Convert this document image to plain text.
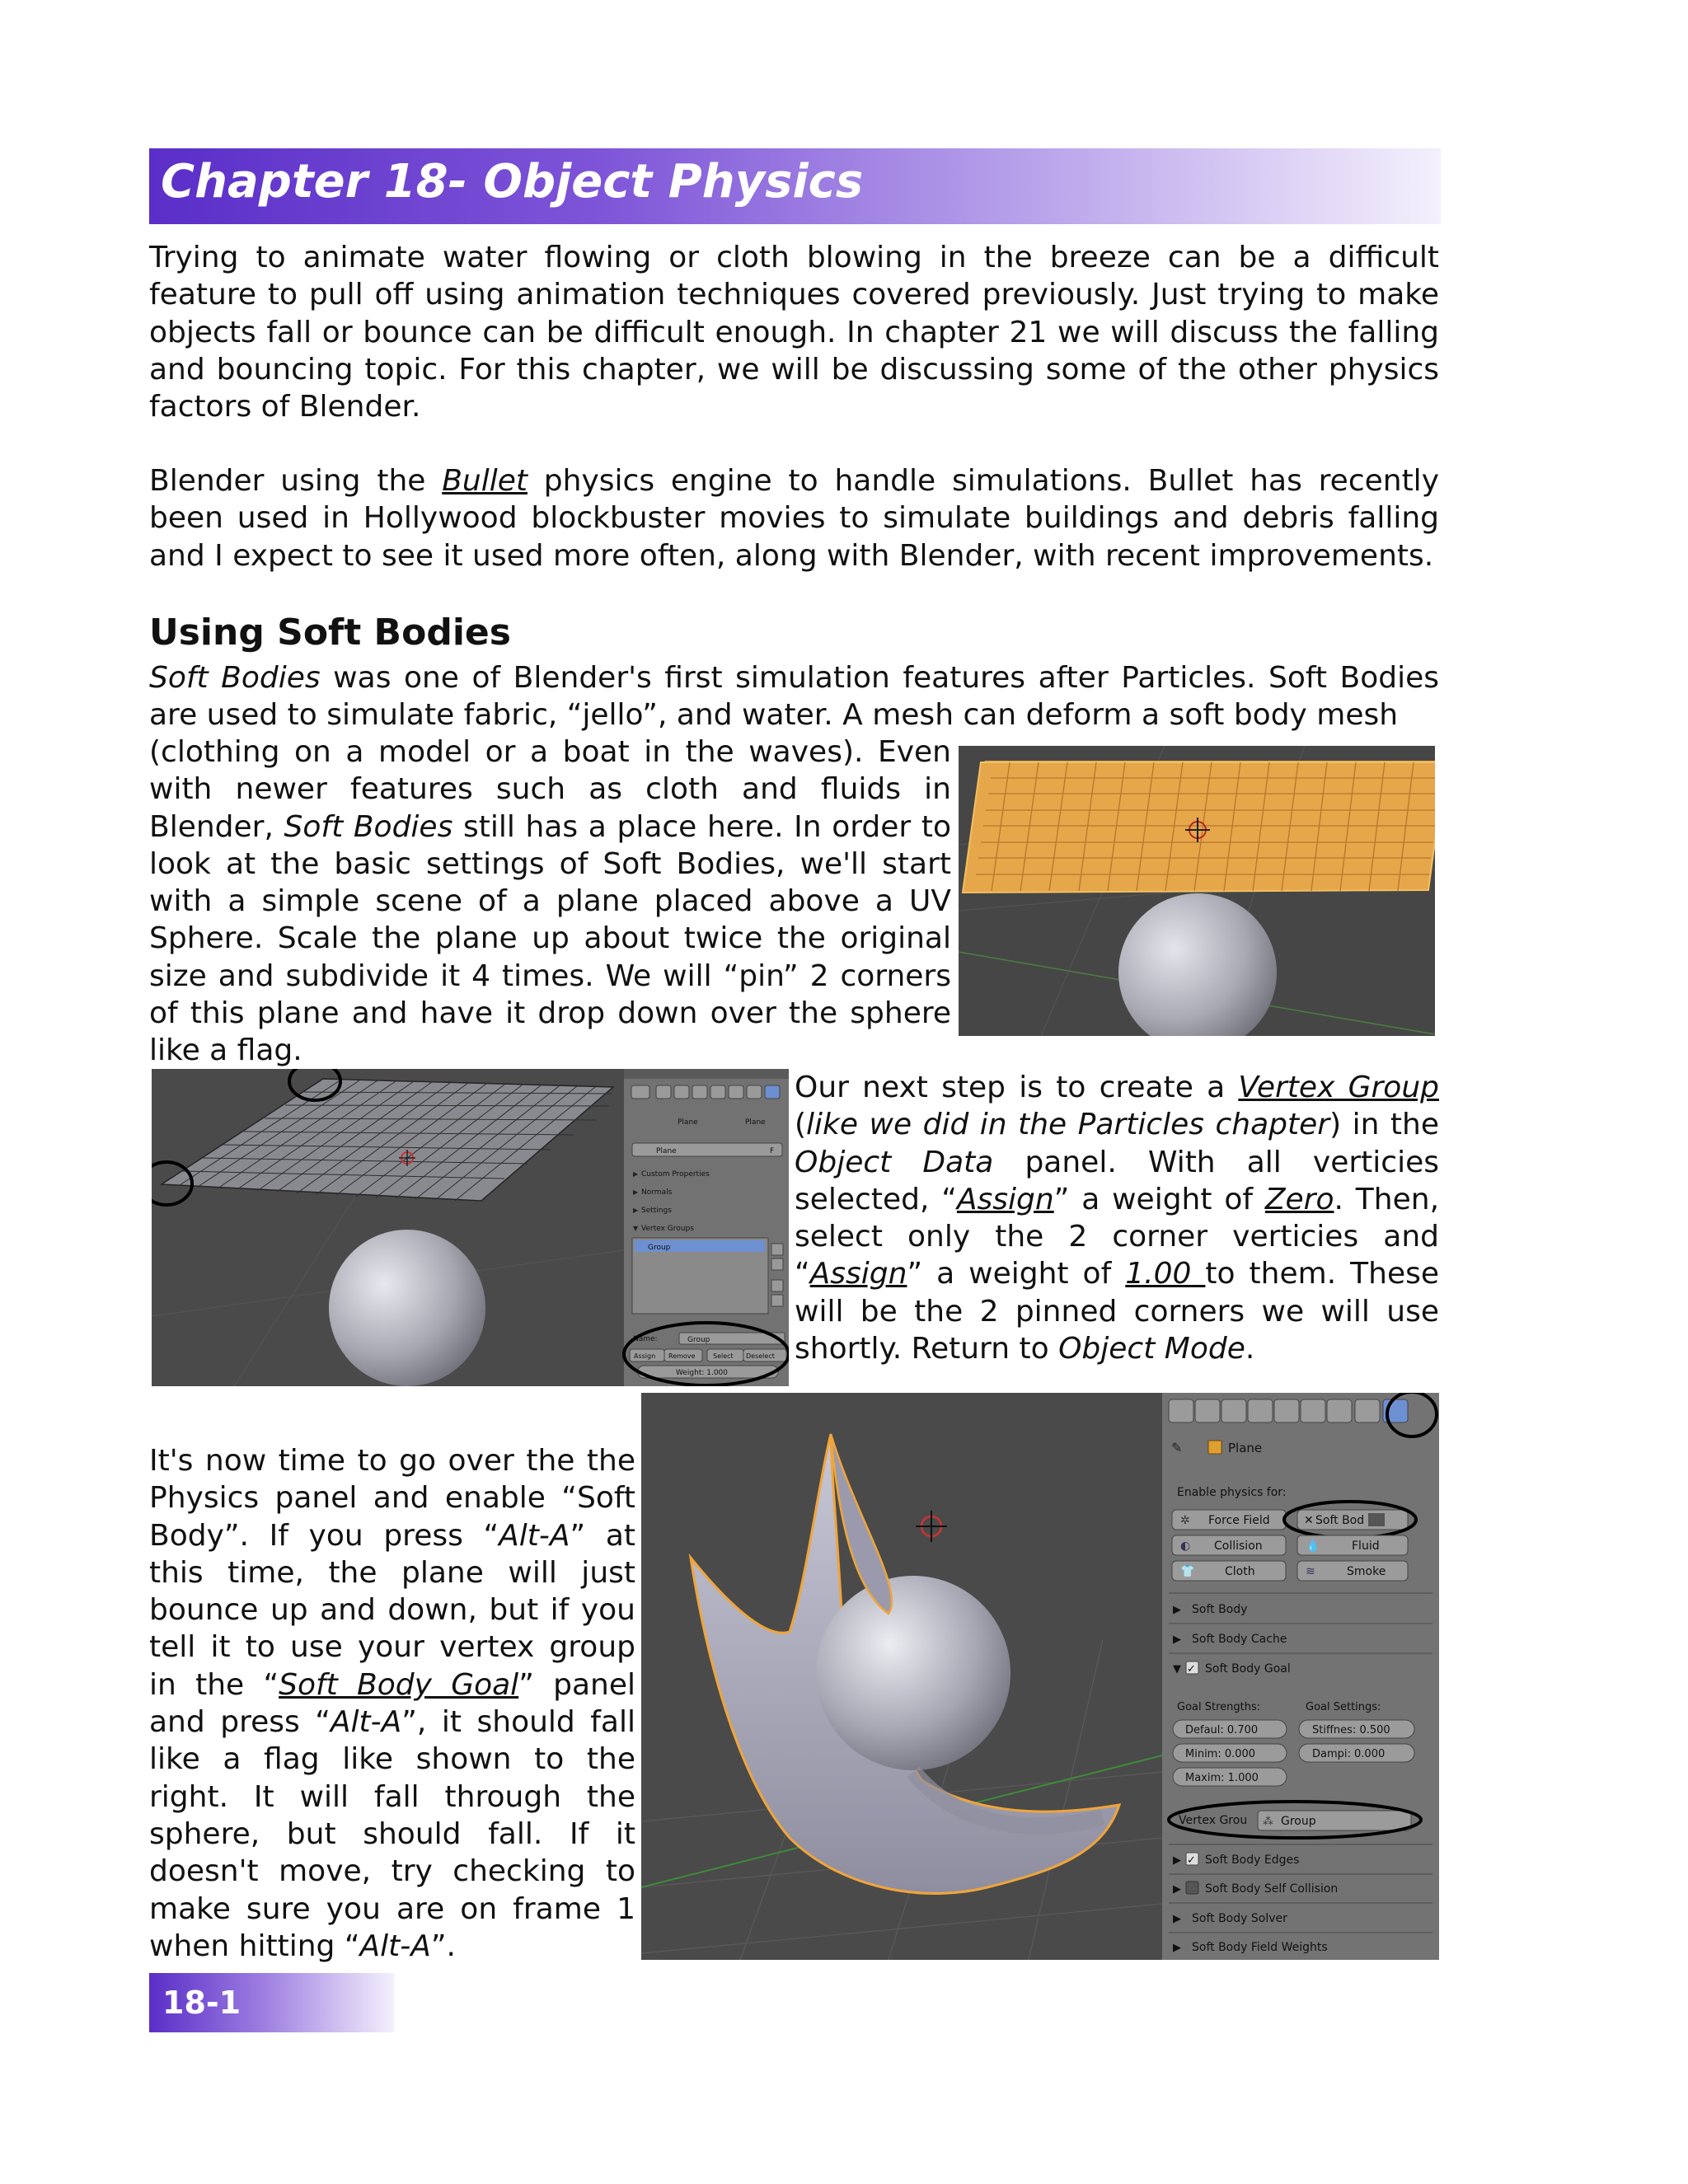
Chapter 18- Object Physics

Trying to animate water flowing or cloth blowing in the breeze can be a difficult feature to pull off using animation techniques covered previously. Just trying to make objects fall or bounce can be difficult enough. In chapter 21 we will discuss the falling and bouncing topic. For this chapter, we will be discussing some of the other physics factors of Blender.

Blender using the Bullet physics engine to handle simulations. Bullet has recently been used in Hollywood blockbuster movies to simulate buildings and debris falling and I expect to see it used more often, along with Blender, with recent improvements.

Using Soft Bodies

Soft Bodies was one of Blender's first simulation features after Particles. Soft Bodies are used to simulate fabric, “jello”, and water. A mesh can deform a soft body mesh

(clothing on a model or a boat in the waves). Even with newer features such as cloth and fluids in Blender, Soft Bodies still has a place here. In order to look at the basic settings of Soft Bodies, we'll start with a simple scene of a plane placed above a UV Sphere. Scale the plane up about twice the original size and subdivide it 4 times. We will “pin” 2 corners of this plane and have it drop down over the sphere like a flag.

Plane	Plane
Plane	F
Custom Properties
Normals
Settings
Vertex Groups
▶
▶
▶
▼
Group
Name:	Group
Assign Remove	Select Deselect
Weight: 1.000

Our next step is to create a Vertex Group (like we did in the Particles chapter) in the Object Data panel. With all verticies selected, “Assign” a weight of Zero. Then, select only the 2 corner verticies and “Assign” a weight of 1.00 to them. These will be the 2 pinned corners we will use shortly. Return to Object Mode.

It's now time to go over the the Physics panel and enable “Soft Body”. If you press “Alt-A” at this time, the plane will just bounce up and down, but if you tell it to use your vertex group in the “Soft Body Goal” panel and press “Alt-A”, it should fall like a flag like shown to the right. It will fall through the sphere, but should fall. If it doesn't move, try checking to make sure you are on frame 1 when hitting “Alt-A”.

✎	Plane
Enable physics for:
✲ Force Field	✕ Soft Bod
◐ Collision	💧	Fluid
👕	Cloth	≋	Smoke
▶ Soft Body
▶ Soft Body Cache
▼ ✓ Soft Body Goal
Goal Strengths:	Goal Settings:
Defaul: 0.700	Stiffnes: 0.500
Minim: 0.000	Dampi: 0.000
Maxim: 1.000
Vertex Grou ⁂ Group
▶ ✓ Soft Body Edges
▶ Soft Body Self Collision
▶ Soft Body Solver
▶ Soft Body Field Weights
18-1
